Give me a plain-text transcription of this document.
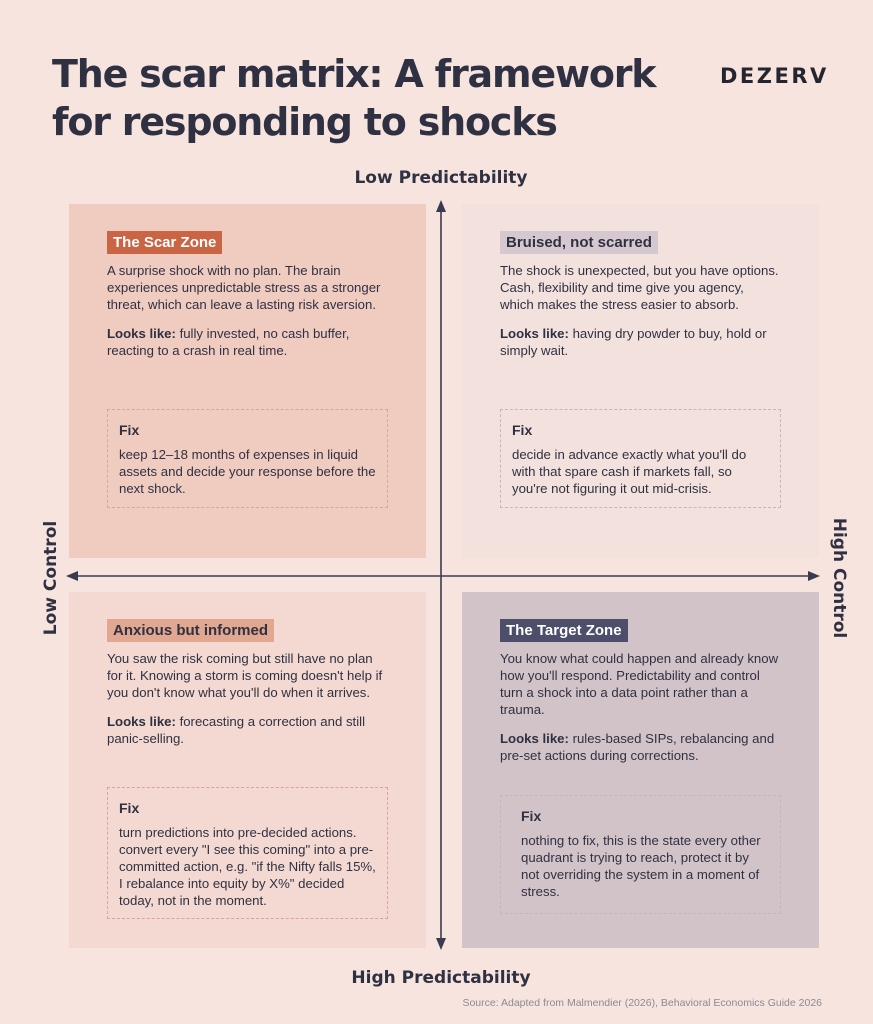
The scar matrix: A framework for responding to shocks
DEZERV
Low Predictability
The Scar Zone

A surprise shock with no plan. The brain experiences unpredictable stress as a stronger threat, which can leave a lasting risk aversion.

Looks like: fully invested, no cash buffer, reacting to a crash in real time.

Fix

keep 12–18 months of expenses in liquid assets and decide your response before the next shock.

Bruised, not scarred

The shock is unexpected, but you have options. Cash, flexibility and time give you agency, which makes the stress easier to absorb.

Looks like: having dry powder to buy, hold or simply wait.

Fix

decide in advance exactly what you'll do with that spare cash if markets fall, so you're not figuring it out mid-crisis.

Anxious but informed

You saw the risk coming but still have no plan for it. Knowing a storm is coming doesn't help if you don't know what you'll do when it arrives.

Looks like: forecasting a correction and still panic-selling.

Fix

turn predictions into pre-decided actions. convert every "I see this coming" into a pre-committed action, e.g. "if the Nifty falls 15%, I rebalance into equity by X%" decided today, not in the moment.

The Target Zone

You know what could happen and already know how you'll respond. Predictability and control turn a shock into a data point rather than a trauma.

Looks like: rules-based SIPs, rebalancing and pre-set actions during corrections.

Fix

nothing to fix, this is the state every other quadrant is trying to reach, protect it by not overriding the system in a moment of stress.

Low Control	High Control
High Predictability
Source: Adapted from Malmendier (2026), Behavioral Economics Guide 2026
